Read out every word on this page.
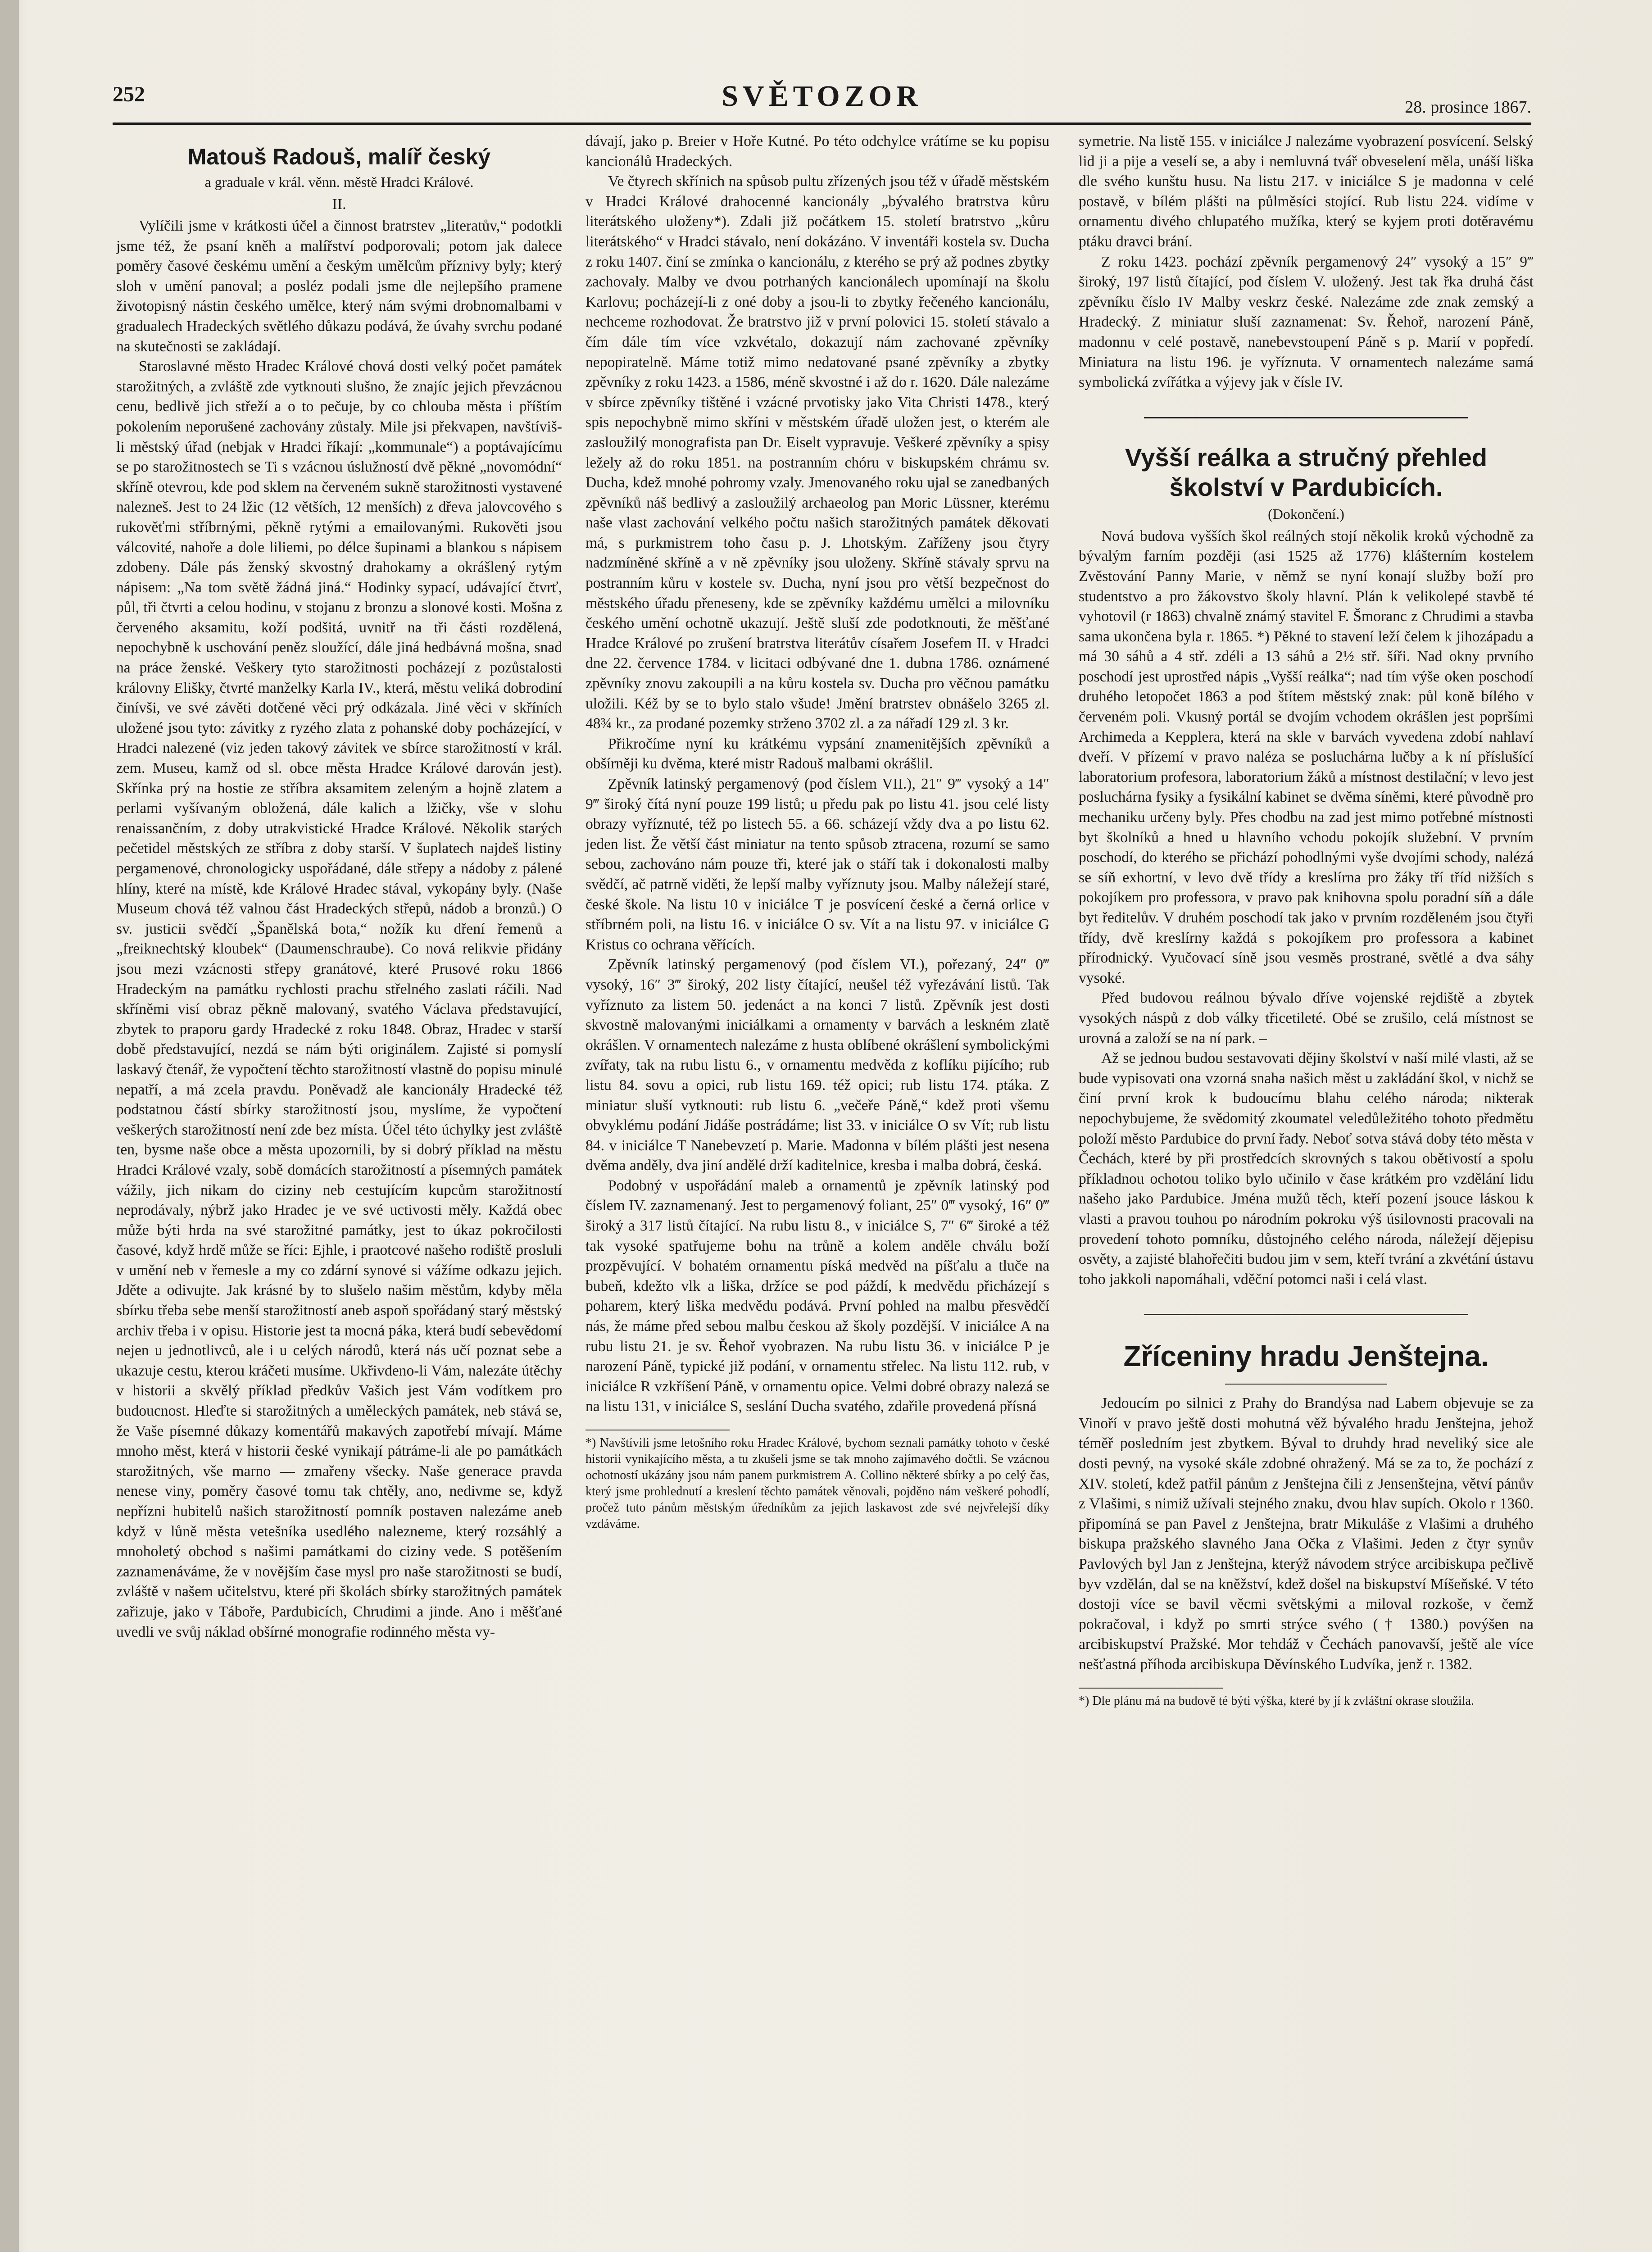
252	SVĚTOZOR	28. prosince 1867.
Matouš Radouš, malíř český
a graduale v král. věnn. městě Hradci Králové.
II.

Vylíčili jsme v krátkosti účel a činnost bratrstev „literatův,“ podotkli jsme též, že psaní kněh a malířství podporovali; potom jak dalece poměry časové českému umění a českým umělcům příznivy byly; který sloh v umění panoval; a posléz podali jsme dle nejlepšího pramene životopisný nástin českého umělce, který nám svými drobnomalbami v gradualech Hradeckých světlého důkazu podává, že úvahy svrchu podané na skutečnosti se zakládají.

Staroslavné město Hradec Králové chová dosti velký počet památek starožitných, a zvláště zde vytknouti slušno, že znajíc jejich převzácnou cenu, bedlivě jich střeží a o to pečuje, by co chlouba města i příštím pokolením neporušené zachovány zůstaly. Mile jsi překvapen, navštíviš-li městský úřad (nebjak v Hradci říkají: „kommunale“) a poptávajícímu se po starožitnostech se Ti s vzácnou úslužností dvě pěkné „novomódní“ skříně otevrou, kde pod sklem na červeném sukně starožitnosti vystavené nalezneš. Jest to 24 lžic (12 větších, 12 menších) z dřeva jalovcového s rukověťmi stříbrnými, pěkně rytými a emailovanými. Rukověti jsou válcovité, nahoře a dole liliemi, po délce šupinami a blankou s nápisem zdobeny. Dále pás ženský skvostný drahokamy a okrášlený rytým nápisem: „Na tom světě žádná jiná.“ Hodinky sypací, udávající čtvrť, půl, tři čtvrti a celou hodinu, v stojanu z bronzu a slonové kosti. Mošna z červeného aksamitu, koží podšitá, uvnitř na tři části rozdělená, nepochybně k uschování peněz sloužící, dále jiná hedbávná mošna, snad na práce ženské. Veškery tyto starožitnosti pocházejí z pozůstalosti královny Elišky, čtvrté manželky Karla IV., která, městu veliká dobrodiní činívši, ve své závěti dotčené věci prý odkázala. Jiné věci v skříních uložené jsou tyto: závitky z ryzého zlata z pohanské doby pocházející, v Hradci nalezené (viz jeden takový závitek ve sbírce starožitností v král. zem. Museu, kamž od sl. obce města Hradce Králové darován jest). Skřínka prý na hostie ze stříbra aksamitem zeleným a hojně zlatem a perlami vyšívaným obložená, dále kalich a lžičky, vše v slohu renaissančním, z doby utrakvistické Hradce Králové. Několik starých pečetidel městských ze stříbra z doby starší. V šuplatech najdeš listiny pergamenové, chronologicky uspořádané, dále střepy a nádoby z pálené hlíny, které na místě, kde Králové Hradec stával, vykopány byly. (Naše Museum chová též valnou část Hradeckých střepů, nádob a bronzů.) O sv. justicii svědčí „Španělská bota,“ nožík ku dření řemenů a „freiknechtský kloubek“ (Daumenschraube). Co nová relikvie přidány jsou mezi vzácnosti střepy granátové, které Prusové roku 1866 Hradeckým na památku rychlosti prachu střelného zaslati ráčili. Nad skříněmi visí obraz pěkně malovaný, svatého Václava představující, zbytek to praporu gardy Hradecké z roku 1848. Obraz, Hradec v starší době představující, nezdá se nám býti originálem. Zajisté si pomyslí laskavý čtenář, že vypočtení těchto starožitností vlastně do popisu minulé nepatří, a má zcela pravdu. Poněvadž ale kancionály Hradecké též podstatnou částí sbírky starožitností jsou, myslíme, že vypočtení veškerých starožitností není zde bez místa. Účel této úchylky jest zvláště ten, bysme naše obce a města upozornili, by si dobrý příklad na městu Hradci Králové vzaly, sobě domácích starožitností a písemných památek vážily, jich nikam do ciziny neb cestujícím kupcům starožitností neprodávaly, nýbrž jako Hradec je ve své uctivosti měly. Každá obec může býti hrda na své starožitné památky, jest to úkaz pokročilosti časové, když hrdě může se říci: Ejhle, i praotcové našeho rodiště prosluli v umění neb v řemesle a my co zdární synové si vážíme odkazu jejich. Jděte a odivujte. Jak krásné by to slušelo našim městům, kdyby měla sbírku třeba sebe menší starožitností aneb aspoň spořádaný starý městský archiv třeba i v opisu. Historie jest ta mocná páka, která budí sebevědomí nejen u jednotlivců, ale i u celých národů, která nás učí poznat sebe a ukazuje cestu, kterou kráčeti musíme. Ukřivdeno-li Vám, nalezáte útěchy v historii a skvělý příklad předkův Vašich jest Vám vodítkem pro budoucnost. Hleďte si starožitných a uměleckých památek, neb stává se, že Vaše písemné důkazy komentářů makavých zapotřebí mívají. Máme mnoho měst, která v historii české vynikají pátráme-li ale po památkách starožitných, vše marno — zmařeny všecky. Naše generace pravda nenese viny, poměry časové tomu tak chtěly, ano, nedivme se, když nepřízni hubitelů našich starožitností pomník postaven nalezáme aneb když v lůně města vetešníka usedlého nalezneme, který rozsáhlý a mnoholetý obchod s našimi památkami do ciziny vede. S potěšením zaznamenáváme, že v novějším čase mysl pro naše starožitnosti se budí, zvláště v našem učitelstvu, které při školách sbírky starožitných památek zařizuje, jako v Táboře, Pardubicích, Chrudimi a jinde. Ano i měšťané uvedli ve svůj náklad obšírné monografie rodinného města vy-

dávají, jako p. Breier v Hoře Kutné. Po této odchylce vrátíme se ku popisu kancionálů Hradeckých.

Ve čtyrech skřínich na spůsob pultu zřízených jsou též v úřadě městském v Hradci Králové drahocenné kancionály „bývalého bratrstva kůru literátského uloženy*). Zdali již počátkem 15. století bratrstvo „kůru literátského“ v Hradci stávalo, není dokázáno. V inventáři kostela sv. Ducha z roku 1407. činí se zmínka o kancionálu, z kterého se prý až podnes zbytky zachovaly. Malby ve dvou potrhaných kancionálech upomínají na školu Karlovu; pocházejí-li z oné doby a jsou-li to zbytky řečeného kancionálu, nechceme rozhodovat. Že bratrstvo již v první polovici 15. století stávalo a čím dále tím více vzkvétalo, dokazují nám zachované zpěvníky nepopiratelně. Máme totiž mimo nedatované psané zpěvníky a zbytky zpěvníky z roku 1423. a 1586, méně skvostné i až do r. 1620. Dále nalezáme v sbírce zpěvníky tištěné i vzácné prvotisky jako Vita Christi 1478., který spis nepochybně mimo skříni v městském úřadě uložen jest, o kterém ale zasloužilý monografista pan Dr. Eiselt vypravuje. Veškeré zpěvníky a spisy ležely až do roku 1851. na postranním chóru v biskupském chrámu sv. Ducha, kdež mnohé pohromy vzaly. Jmenovaného roku ujal se zanedbaných zpěvníků náš bedlivý a zasloužilý archaeolog pan Moric Lüssner, kterému naše vlast zachování velkého počtu našich starožitných památek děkovati má, s purkmistrem toho času p. J. Lhotským. Zaříženy jsou čtyry nadzmíněné skříně a v ně zpěvníky jsou uloženy. Skříně stávaly sprvu na postranním kůru v kostele sv. Ducha, nyní jsou pro větší bezpečnost do městského úřadu přeneseny, kde se zpěvníky každému umělci a milovníku českého umění ochotně ukazují. Ještě sluší zde podotknouti, že měšťané Hradce Králové po zrušení bratrstva literátův císařem Josefem II. v Hradci dne 22. července 1784. v licitaci odbývané dne 1. dubna 1786. oznámené zpěvníky znovu zakoupili a na kůru kostela sv. Ducha pro věčnou památku uložili. Kéž by se to bylo stalo všude! Jmění bratrstev obnášelo 3265 zl. 48¾ kr., za prodané pozemky strženo 3702 zl. a za nářadí 129 zl. 3 kr.

Přikročíme nyní ku krátkému vypsání znamenitějších zpěvníků a obšírněji ku dvěma, které mistr Radouš malbami okrášlil.

Zpěvník latinský pergamenový (pod číslem VII.), 21″ 9‴ vysoký a 14″ 9‴ široký čítá nyní pouze 199 listů; u předu pak po listu 41. jsou celé listy obrazy vyříznuté, též po listech 55. a 66. scházejí vždy dva a po listu 62. jeden list. Že větší část miniatur na tento spůsob ztracena, rozumí se samo sebou, zachováno nám pouze tři, které jak o stáří tak i dokonalosti malby svědčí, ač patrně viděti, že lepší malby vyříznuty jsou. Malby náležejí staré, české škole. Na listu 10 v iniciálce T je posvícení české a černá orlice v stříbrném poli, na listu 16. v iniciálce O sv. Vít a na listu 97. v iniciálce G Kristus co ochrana věřících.

Zpěvník latinský pergamenový (pod číslem VI.), pořezaný, 24″ 0‴ vysoký, 16″ 3‴ široký, 202 listy čítající, neušel též vyřezávání listů. Tak vyříznuto za listem 50. jedenáct a na konci 7 listů. Zpěvník jest dosti skvostně malovanými iniciálkami a ornamenty v barvách a leskném zlatě okrášlen. V ornamentech nalezáme z husta oblíbené okrášlení symbolickými zvířaty, tak na rubu listu 6., v ornamentu medvěda z koflíku pijícího; rub listu 84. sovu a opici, rub listu 169. též opici; rub listu 174. ptáka. Z miniatur sluší vytknouti: rub listu 6. „večeře Páně,“ kdež proti všemu obvyklému podání Jidáše postrádáme; list 33. v iniciálce O sv Vít; rub listu 84. v iniciálce T Nanebevzetí p. Marie. Madonna v bílém plášti jest nesena dvěma anděly, dva jiní andělé drží kaditelnice, kresba i malba dobrá, česká.

Podobný v uspořádání maleb a ornamentů je zpěvník latinský pod číslem IV. zaznamenaný. Jest to pergamenový foliant, 25″ 0‴ vysoký, 16″ 0‴ široký a 317 listů čítající. Na rubu listu 8., v iniciálce S, 7″ 6‴ široké a též tak vysoké spatřujeme bohu na trůně a kolem anděle chválu boží prozpěvující. V bohatém ornamentu píská medvěd na píšťalu a tluče na bubeň, kdežto vlk a liška, držíce se pod páždí, k medvědu přicházejí s poharem, který liška medvědu podává. První pohled na malbu přesvědčí nás, že máme před sebou malbu českou až školy pozdější. V iniciálce A na rubu listu 21. je sv. Řehoř vyobrazen. Na rubu listu 36. v iniciálce P je narození Páně, typické již podání, v ornamentu střelec. Na listu 112. rub, v iniciálce R vzkříšení Páně, v ornamentu opice. Velmi dobré obrazy nalezá se na listu 131, v iniciálce S, seslání Ducha svatého, zdařile provedená přísná

*) Navštívili jsme letošního roku Hradec Králové, bychom seznali památky tohoto v české historii vynikajícího města, a tu zkušeli jsme se tak mnoho zajímavého dočtli. Se vzácnou ochotností ukázány jsou nám panem purkmistrem A. Collino některé sbírky a po celý čas, který jsme prohlednutí a kreslení těchto památek věnovali, pojděno nám veškeré pohodlí, pročež tuto pánům městským úředníkům za jejich laskavost zde své nejvřelejší díky vzdáváme.

symetrie. Na listě 155. v iniciálce J nalezáme vyobrazení posvícení. Selský lid ji a pije a veselí se, a aby i nemluvná tvář obveselení měla, unáší liška dle svého kunštu husu. Na listu 217. v iniciálce S je madonna v celé postavě, v bílém plášti na půlměsíci stojící. Rub listu 224. vidíme v ornamentu divého chlupatého mužíka, který se kyjem proti dotěravému ptáku dravci brání.

Z roku 1423. pochází zpěvník pergamenový 24″ vysoký a 15″ 9‴ široký, 197 listů čítající, pod číslem V. uložený. Jest tak řka druhá část zpěvníku číslo IV Malby veskrz české. Nalezáme zde znak zemský a Hradecký. Z miniatur sluší zaznamenat: Sv. Řehoř, narození Páně, madonnu v celé postavě, nanebevstoupení Páně s p. Marií v popředí. Miniatura na listu 196. je vyříznuta. V ornamentech nalezáme samá symbolická zvířátka a výjevy jak v čísle IV.

Vyšší reálka a stručný přehled školství v Pardubicích.
(Dokončení.)

Nová budova vyšších škol reálných stojí několik kroků východně za bývalým farním později (asi 1525 až 1776) klášterním kostelem Zvěstování Panny Marie, v němž se nyní konají služby boží pro studentstvo a pro žákovstvo školy hlavní. Plán k velikolepé stavbě té vyhotovil (r 1863) chvalně známý stavitel F. Šmoranc z Chrudimi a stavba sama ukončena byla r. 1865. *) Pěkné to stavení leží čelem k jihozápadu a má 30 sáhů a 4 stř. zdéli a 13 sáhů a 2½ stř. šíři. Nad okny prvního poschodí jest uprostřed nápis „Vyšší reálka“; nad tím výše oken poschodí druhého letopočet 1863 a pod štítem městský znak: půl koně bílého v červeném poli. Vkusný portál se dvojím vchodem okrášlen jest popršími Archimeda a Kepplera, která na skle v barvách vyvedena zdobí nahlaví dveří. V přízemí v pravo naléza se posluchárna lučby a k ní příslušící laboratorium profesora, laboratorium žáků a místnost destilační; v levo jest posluchárna fysiky a fysikální kabinet se dvěma síněmi, které původně pro mechaniku určeny byly. Přes chodbu na zad jest mimo potřebné místnosti byt školníků a hned u hlavního vchodu pokojík služební. V prvním poschodí, do kterého se přichází pohodlnými vyše dvojími schody, nalézá se síň exhortní, v levo dvě třídy a kreslírna pro žáky tří tříd nižších s pokojíkem pro professora, v pravo pak knihovna spolu poradní síň a dále byt ředitelův. V druhém poschodí tak jako v prvním rozděleném jsou čtyři třídy, dvě kreslírny každá s pokojíkem pro professora a kabinet přírodnický. Vyučovací síně jsou vesměs prostrané, světlé a dva sáhy vysoké.

Před budovou reálnou bývalo dříve vojenské rejdiště a zbytek vysokých náspů z dob války třicetileté. Obé se zrušilo, celá místnost se urovná a založí se na ní park. –

Až se jednou budou sestavovati dějiny školství v naší milé vlasti, až se bude vypisovati ona vzorná snaha našich měst u zakládání škol, v nichž se činí první krok k budoucímu blahu celého národa; nikterak nepochybujeme, že svědomitý zkoumatel veledůležitého tohoto předmětu položí město Pardubice do první řady. Neboť sotva stává doby této města v Čechách, které by při prostředcích skrovných s takou obětivostí a spolu příkladnou ochotou toliko bylo učinilo v čase krátkém pro vzdělání lidu našeho jako Pardubice. Jména mužů těch, kteří pození jsouce láskou k vlasti a pravou touhou po národním pokroku výš úsilovnosti pracovali na provedení tohoto pomníku, důstojného celého národa, náležejí dějepisu osvěty, a zajisté blahořečiti budou jim v sem, kteří tvrání a zkvétání ústavu toho jakkoli napomáhali, vděční potomci naši i celá vlast.

Zříceniny hradu Jenštejna.

Jedoucím po silnici z Prahy do Brandýsa nad Labem objevuje se za Vinoří v pravo ještě dosti mohutná věž bývalého hradu Jenštejna, jehož téměř posledním jest zbytkem. Býval to druhdy hrad neveliký sice ale dosti pevný, na vysoké skále zdobné ohražený. Má se za to, že pochází z XIV. století, kdež patřil pánům z Jenštejna čili z Jensenštejna, větví pánův z Vlašimi, s nimiž užívali stejného znaku, dvou hlav supích. Okolo r 1360. připomíná se pan Pavel z Jenštejna, bratr Mikuláše z Vlašimi a druhého biskupa pražského slavného Jana Očka z Vlašimi. Jeden z čtyr synův Pavlových byl Jan z Jenštejna, kterýž návodem strýce arcibiskupa pečlivě byv vzdělán, dal se na kněžství, kdež došel na biskupství Míšeňské. V této dostoji více se bavil věcmi světskými a miloval rozkoše, v čemž pokračoval, i když po smrti strýce svého († 1380.) povýšen na arcibiskupství Pražské. Mor tehdáž v Čechách panovavší, ještě ale více nešťastná příhoda arcibiskupa Děvínského Ludvíka, jenž r. 1382.

*) Dle plánu má na budově té býti výška, které by jí k zvláštní okrase sloužila.
